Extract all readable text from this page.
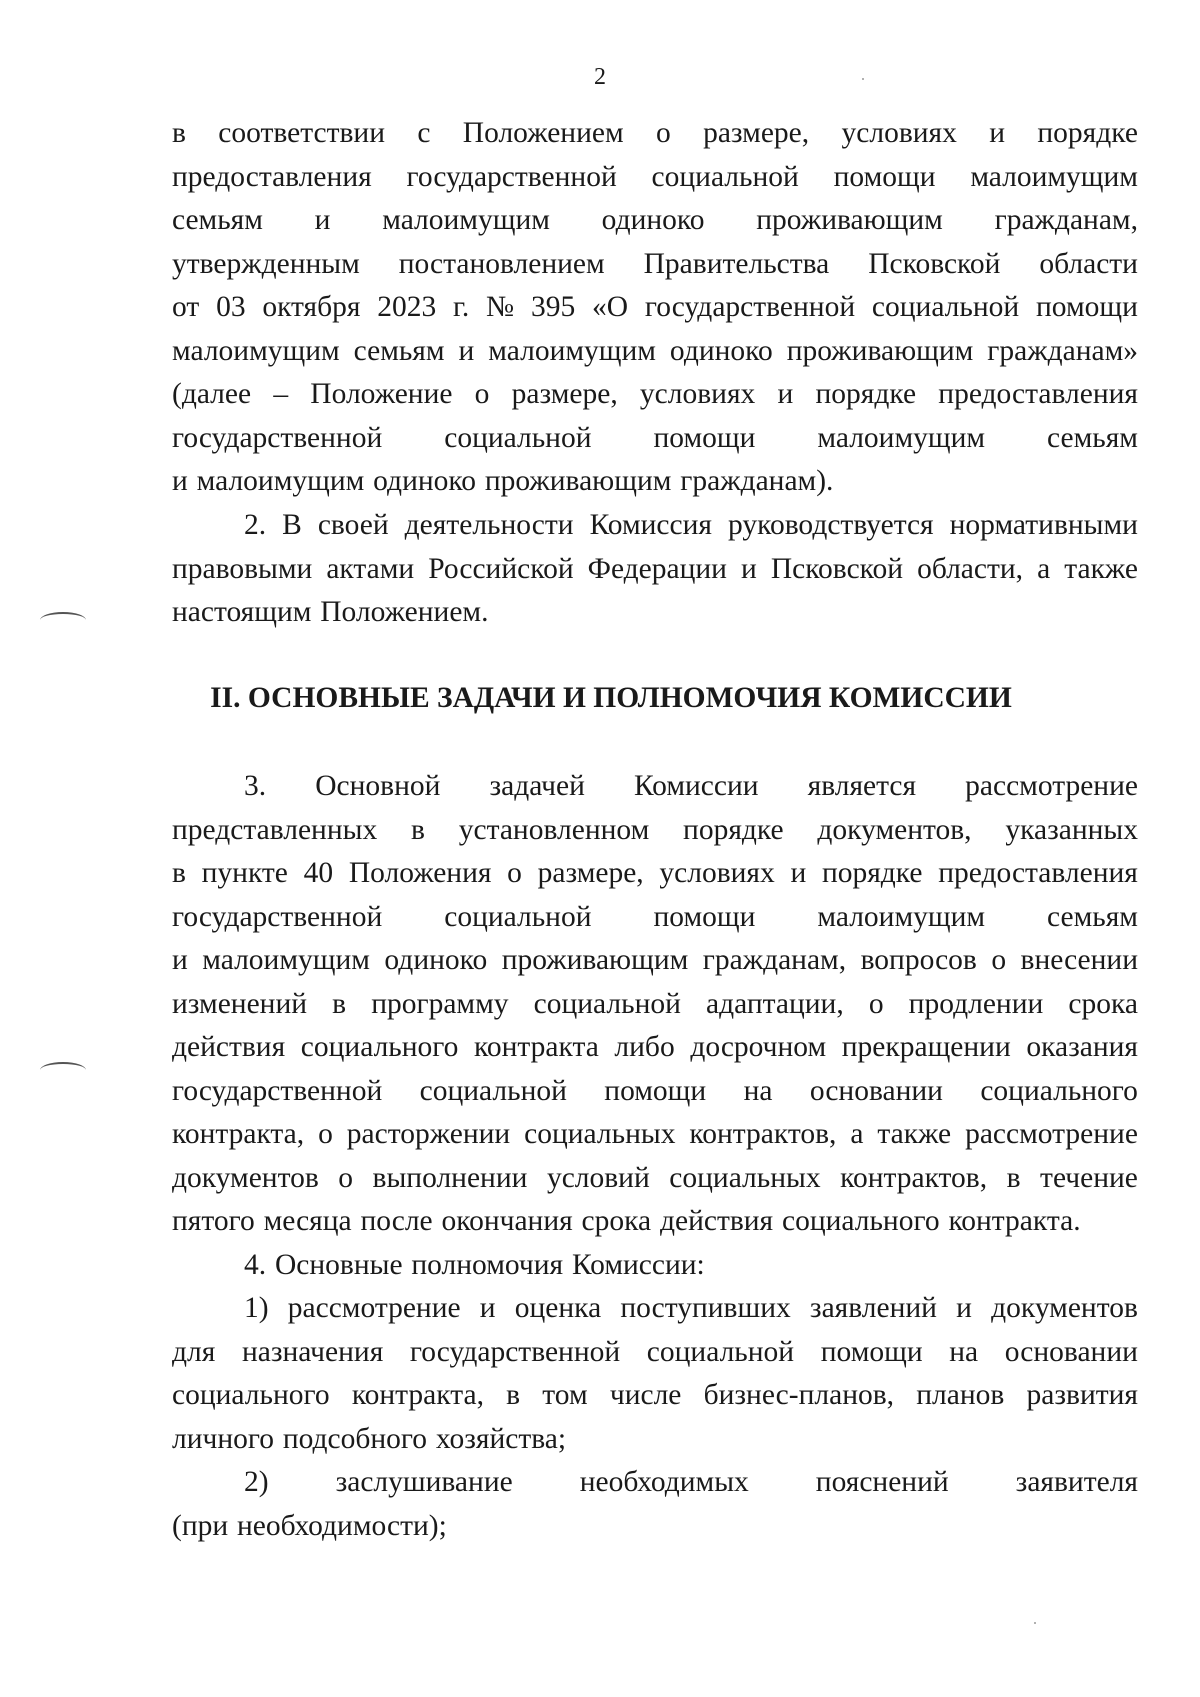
2
в соответствии с Положением о размере, условиях и порядке
предоставления государственной социальной помощи малоимущим
семьям и малоимущим одиноко проживающим гражданам,
утвержденным постановлением Правительства Псковской области
от 03 октября 2023 г. № 395 «О государственной социальной помощи
малоимущим семьям и малоимущим одиноко проживающим гражданам»
(далее – Положение о размере, условиях и порядке предоставления
государственной социальной помощи малоимущим семьям
и малоимущим одиноко проживающим гражданам).
2. В своей деятельности Комиссия руководствуется нормативными
правовыми актами Российской Федерации и Псковской области, а также
настоящим Положением.
II. ОСНОВНЫЕ ЗАДАЧИ И ПОЛНОМОЧИЯ КОМИССИИ
3. Основной задачей Комиссии является рассмотрение
представленных в установленном порядке документов, указанных
в пункте 40 Положения о размере, условиях и порядке предоставления
государственной социальной помощи малоимущим семьям
и малоимущим одиноко проживающим гражданам, вопросов о внесении
изменений в программу социальной адаптации, о продлении срока
действия социального контракта либо досрочном прекращении оказания
государственной социальной помощи на основании социального
контракта, о расторжении социальных контрактов, а также рассмотрение
документов о выполнении условий социальных контрактов, в течение
пятого месяца после окончания срока действия социального контракта.
4. Основные полномочия Комиссии:
1) рассмотрение и оценка поступивших заявлений и документов
для назначения государственной социальной помощи на основании
социального контракта, в том числе бизнес-планов, планов развития
личного подсобного хозяйства;
2) заслушивание необходимых пояснений заявителя
(при необходимости);
